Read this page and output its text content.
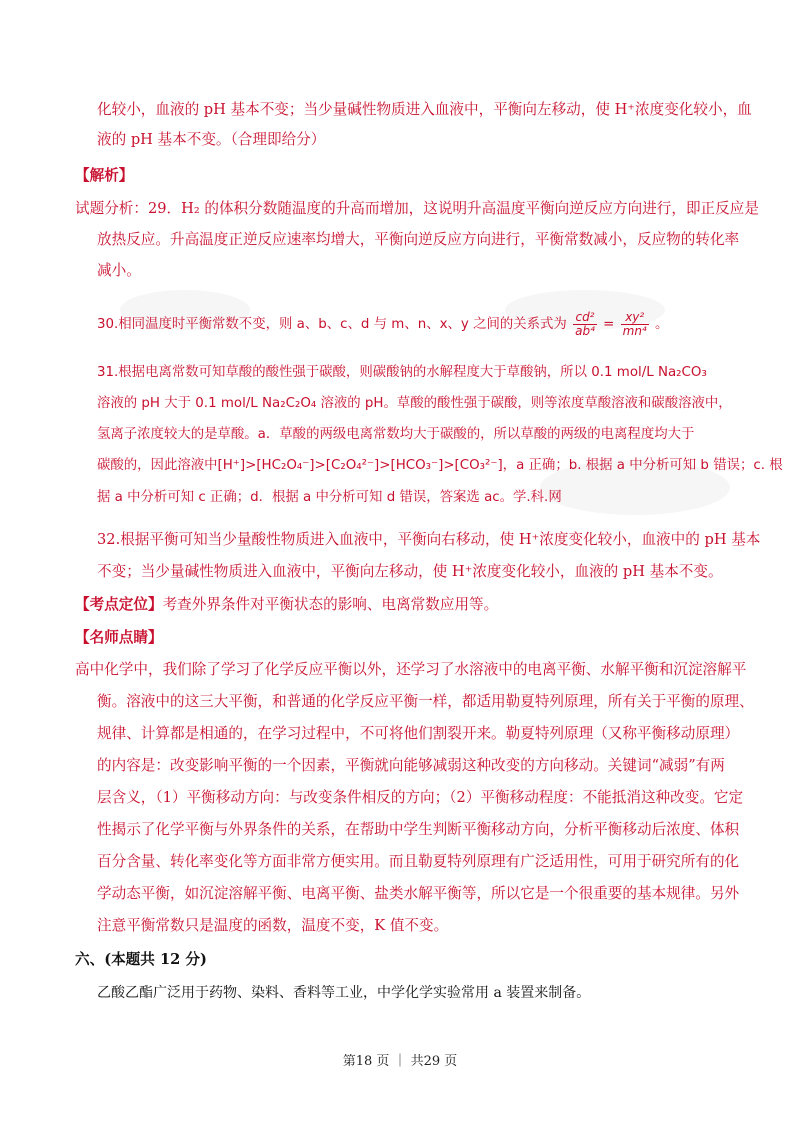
化较小，血液的 pH 基本不变；当少量碱性物质进入血液中，平衡向左移动，使 H⁺浓度变化较小，血
液的 pH 基本不变。（合理即给分）
【解析】
试题分析：29．H₂ 的体积分数随温度的升高而增加，这说明升高温度平衡向逆反应方向进行，即正反应是
放热反应。升高温度正逆反应速率均增大，平衡向逆反应方向进行，平衡常数减小，反应物的转化率
减小。
30.相同温度时平衡常数不变，则 a、b、c、d 与 m、n、x、y 之间的关系式为 $\frac{\text{cd²}}{\text{ab⁴}} = \frac{\text{xy²}}{\text{mn⁴}}$ 。
31.根据电离常数可知草酸的酸性强于碳酸，则碳酸钠的水解程度大于草酸钠，所以 0.1 mol/L Na₂CO₃
溶液的 pH 大于 0.1 mol/L Na₂C₂O₄ 溶液的 pH。草酸的酸性强于碳酸，则等浓度草酸溶液和碳酸溶液中，
氢离子浓度较大的是草酸。a．草酸的两级电离常数均大于碳酸的，所以草酸的两级的电离程度均大于
碳酸的，因此溶液中[H⁺]>[HC₂O₄⁻]>[C₂O₄²⁻]>[HCO₃⁻]>[CO₃²⁻]，a 正确；b. 根据 a 中分析可知 b 错误；c. 根
据 a 中分析可知 c 正确；d．根据 a 中分析可知 d 错误，答案选 ac。学.科.网
32.根据平衡可知当少量酸性物质进入血液中，平衡向右移动，使 H⁺浓度变化较小，血液中的 pH 基本
不变；当少量碱性物质进入血液中，平衡向左移动，使 H⁺浓度变化较小，血液的 pH 基本不变。
【考点定位】考查外界条件对平衡状态的影响、电离常数应用等。
【名师点睛】
高中化学中，我们除了学习了化学反应平衡以外，还学习了水溶液中的电离平衡、水解平衡和沉淀溶解平
衡。溶液中的这三大平衡，和普通的化学反应平衡一样，都适用勒夏特列原理，所有关于平衡的原理、
规律、计算都是相通的，在学习过程中，不可将他们割裂开来。勒夏特列原理（又称平衡移动原理）
的内容是：改变影响平衡的一个因素，平衡就向能够减弱这种改变的方向移动。关键词“减弱”有两
层含义，（1）平衡移动方向：与改变条件相反的方向；（2）平衡移动程度：不能抵消这种改变。它定
性揭示了化学平衡与外界条件的关系，在帮助中学生判断平衡移动方向，分析平衡移动后浓度、体积
百分含量、转化率变化等方面非常方便实用。而且勒夏特列原理有广泛适用性，可用于研究所有的化
学动态平衡，如沉淀溶解平衡、电离平衡、盐类水解平衡等，所以它是一个很重要的基本规律。另外
注意平衡常数只是温度的函数，温度不变，K 值不变。
六、(本题共 12 分)
乙酸乙酯广泛用于药物、染料、香料等工业，中学化学实验常用 a 装置来制备。
第18 页 ｜ 共29 页
